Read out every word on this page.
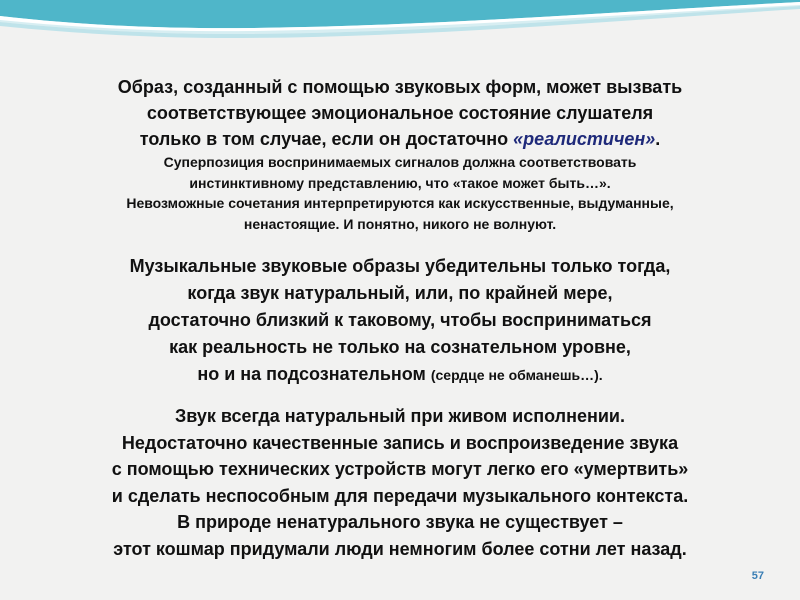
Образ, созданный с помощью звуковых форм, может вызвать
соответствующее эмоциональное состояние слушателя
только в том случае, если он достаточно «реалистичен».
Суперпозиция воспринимаемых сигналов должна соответствовать
инстинктивному представлению, что «такое может быть…».
Невозможные сочетания интерпретируются как искусственные, выдуманные,
ненастоящие. И понятно, никого не волнуют.
Музыкальные звуковые образы убедительны только тогда,
когда звук натуральный, или, по крайней мере,
достаточно близкий к таковому, чтобы восприниматься
как реальность не только на сознательном уровне,
но и на подсознательном (сердце не обманешь…).
Звук всегда натуральный при живом исполнении.
Недостаточно качественные запись и воспроизведение звука
с помощью технических устройств могут легко его «умертвить»
и сделать неспособным для передачи музыкального контекста.
В природе ненатурального звука не существует –
этот кошмар придумали люди немногим более сотни лет назад.
57
